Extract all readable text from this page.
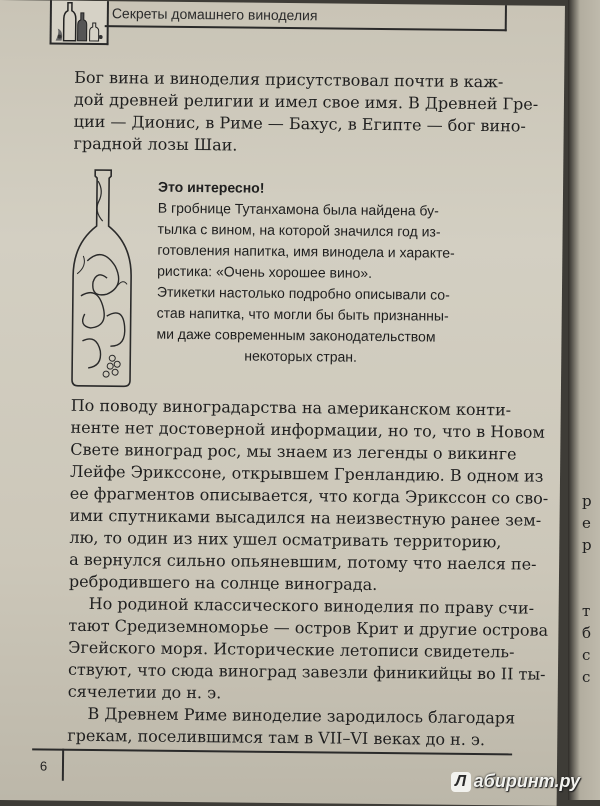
Секреты домашнего виноделия
Бог вина и виноделия присутствовал почти в каж-
дой древней религии и имел свое имя. В Древней Гре-
ции — Дионис, в Риме — Бахус, в Египте — бог вино-
градной лозы Шаи.
Это интересно!
В гробнице Тутанхамона была найдена бу-
тылка с вином, на которой значился год из-
готовления напитка, имя винодела и характе-
ристика: «Очень хорошее вино».
Этикетки настолько подробно описывали со-
став напитка, что могли бы быть признанны-
ми даже современным законодательством
некоторых стран.
По поводу виноградарства на американском конти-
ненте нет достоверной информации, но то, что в Новом
Свете виноград рос, мы знаем из легенды о викинге
Лейфе Эрикссоне, открывшем Гренландию. В одном из
ее фрагментов описывается, что когда Эрикссон со сво-
ими спутниками высадился на неизвестную ранее зем-
лю, то один из них ушел осматривать территорию,
а вернулся сильно опьяневшим, потому что наелся пе-
ребродившего на солнце винограда.
Но родиной классического виноделия по праву счи-
тают Средиземноморье — остров Крит и другие острова
Эгейского моря. Исторические летописи свидетель-
ствуют, что сюда виноград завезли финикийцы во II ты-
сячелетии до н. э.
В Древнем Риме виноделие зародилось благодаря
грекам, поселившимся там в VII–VI веках до н. э.
6
р
е
р
т
б
с
с
Л абиринт.ру
